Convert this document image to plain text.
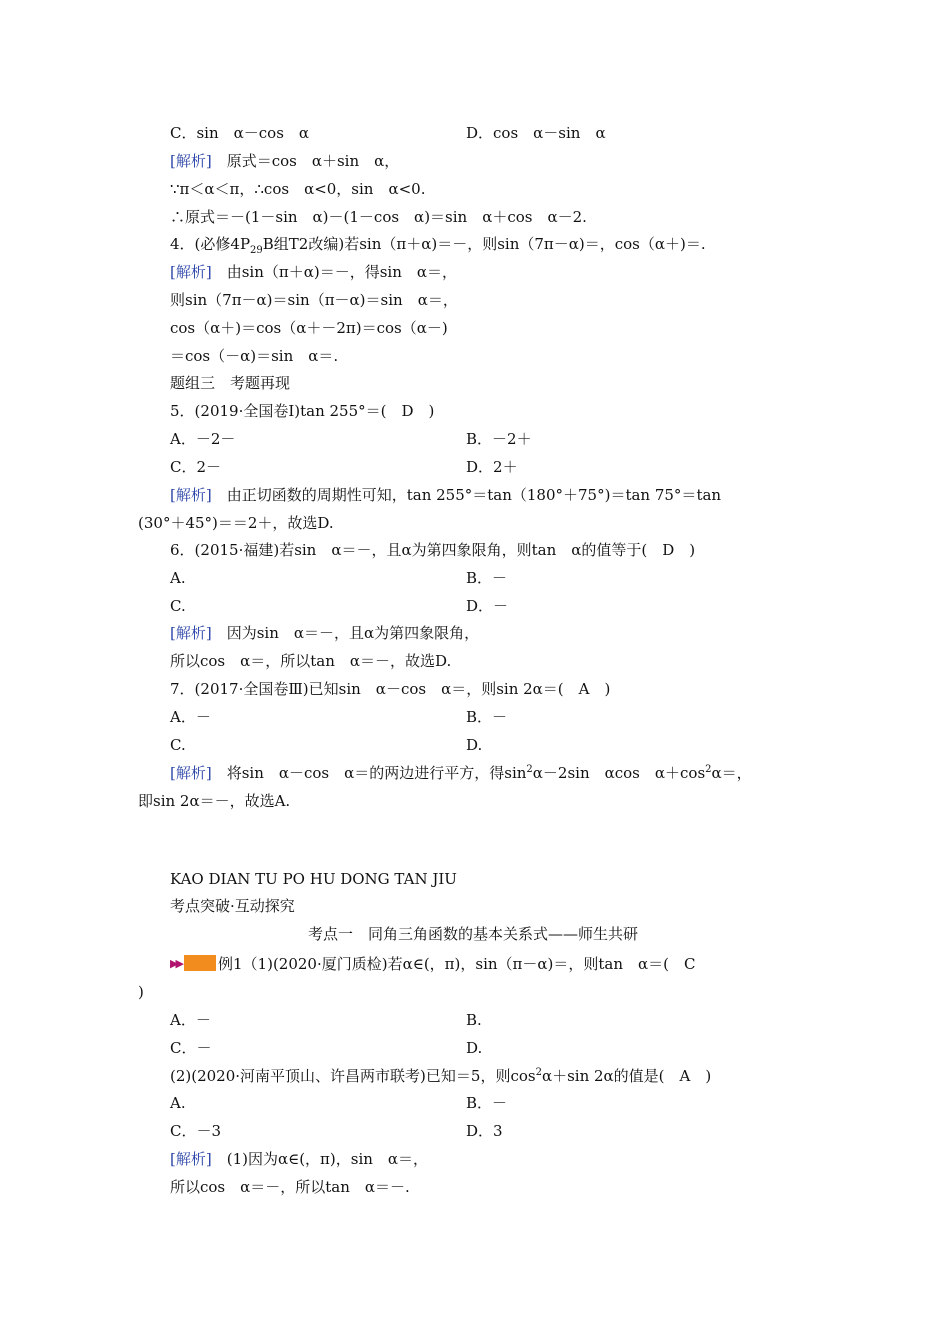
C．sin　α－cos　α	D．cos　α－sin　α
[解析]　原式＝cos　α＋sin　α，
∵π＜α＜π，∴cos　α<0，sin　α<0.
∴原式＝－(1－sin　α)－(1－cos　α)＝sin　α＋cos　α－2.
4．(必修$4P_{29}B$组T2改编)若sin（π＋α)＝－，则sin（7π－α)＝，cos（α＋)＝.
[解析]　由sin（π＋α)＝－，得sin　α＝，
则sin（7π－α)＝sin（π－α)＝sin　α＝，
cos（α＋)＝cos（α＋－2π)＝cos（α－)
＝cos（－α)＝sin　α＝.
题组三　考题再现
5．(2019·全国卷Ⅰ)tan 255°＝(　D　)
A．－2－	B．－2＋
C．2－	D．2＋
[解析]　由正切函数的周期性可知，tan 255°＝tan（180°＋75°)＝tan 75°＝tan
(30°＋45°)＝＝2＋，故选D.
6．(2015·福建)若sin　α＝－，且α为第四象限角，则tan　α的值等于(　D　)
A.	B．－
C.	D．－
[解析]　因为sin　α＝－，且α为第四象限角，
所以cos　α＝，所以tan　α＝－，故选D.
7．(2017·全国卷Ⅲ)已知sin　α－cos　α＝，则sin 2α＝(　A　)
A．－	B．－
C.	D.
[解析]　将sin　α－cos　α＝的两边进行平方，得$\sin^2\alpha-2\sin$　αcos　$\alpha+\cos^2\alpha=$，
即sin 2α＝－，故选A.
KAO DIAN TU PO HU DONG TAN JIU
考点突破·互动探究
考点一　同角三角函数的基本关系式——师生共研
▶▶ 例1（1)(2020·厦门质检)若α∈(，π)，sin（π－α)＝，则tan　α＝(　C
)
A．－	B.
C．－	D.
(2)(2020·河南平顶山、许昌两市联考)已知＝5，则$\cos^2\alpha+\sin$ 2α的值是(　A　)
A.	B．－
C．－3	D．3
[解析]　(1)因为α∈(，π)，sin　α＝，
所以cos　α＝－，所以tan　α＝－.
